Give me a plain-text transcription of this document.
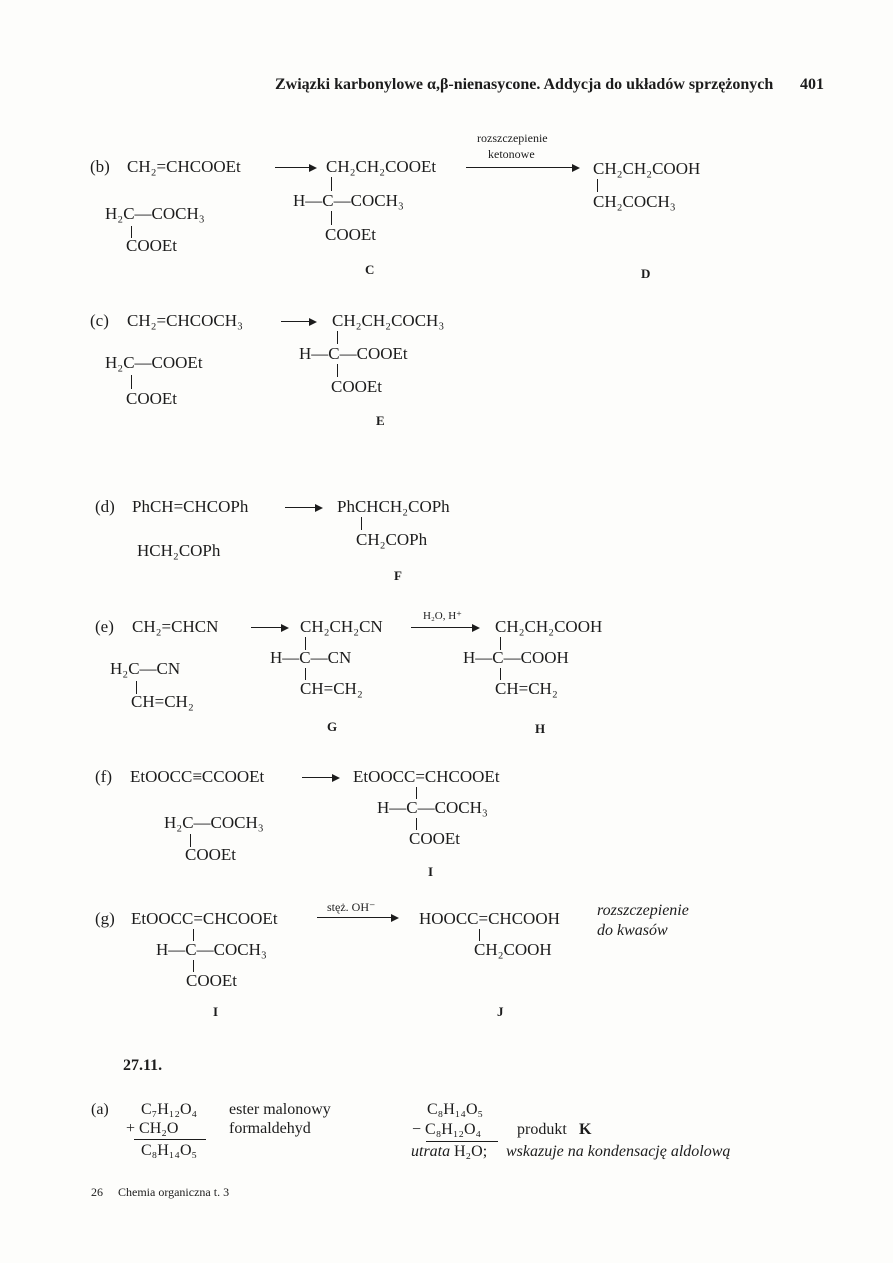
Związki karbonylowe α,β-nienasycone. Addycja do układów sprzężonych 401
(b) CH₂=CHCOOEt
H₂C—COCH₃
COOEt
CH₂CH₂COOEt
H—C—COCH₃
COOEt
C
rozszczepienie
ketonowe
CH₂CH₂COOH
CH₂COCH₃
D
(c) CH₂=CHCOCH₃
H₂C—COOEt
COOEt
CH₂CH₂COCH₃
H—C—COOEt
COOEt
E
(d) PhCH=CHCOPh
HCH₂COPh
PhCHCH₂COPh
CH₂COPh
F
(e) CH₂=CHCN
H₂C—CN
CH=CH₂
CH₂CH₂CN
H—C—CN
CH=CH₂
G
H₂O, H⁺
CH₂CH₂COOH
H—C—COOH
CH=CH₂
H
(f) EtOOCC≡CCOOEt
H₂C—COCH₃
COOEt
EtOOCC=CHCOOEt
H—C—COCH₃
COOEt
I
(g) EtOOCC=CHCOOEt
H—C—COCH₃
COOEt
I
stęż. OH⁻
HOOCC=CHCOOH
CH₂COOH
J
rozszczepienie
do kwasów
27.11.
(a) C₇H₁₂O₄ ester malonowy
+ CH₂O	formaldehyd
C₈H₁₄O₅
C₈H₁₄O₅
− C₈H₁₂O₄ produkt K
utrata H₂O; wskazuje na kondensację aldolową
26 Chemia organiczna t. 3
